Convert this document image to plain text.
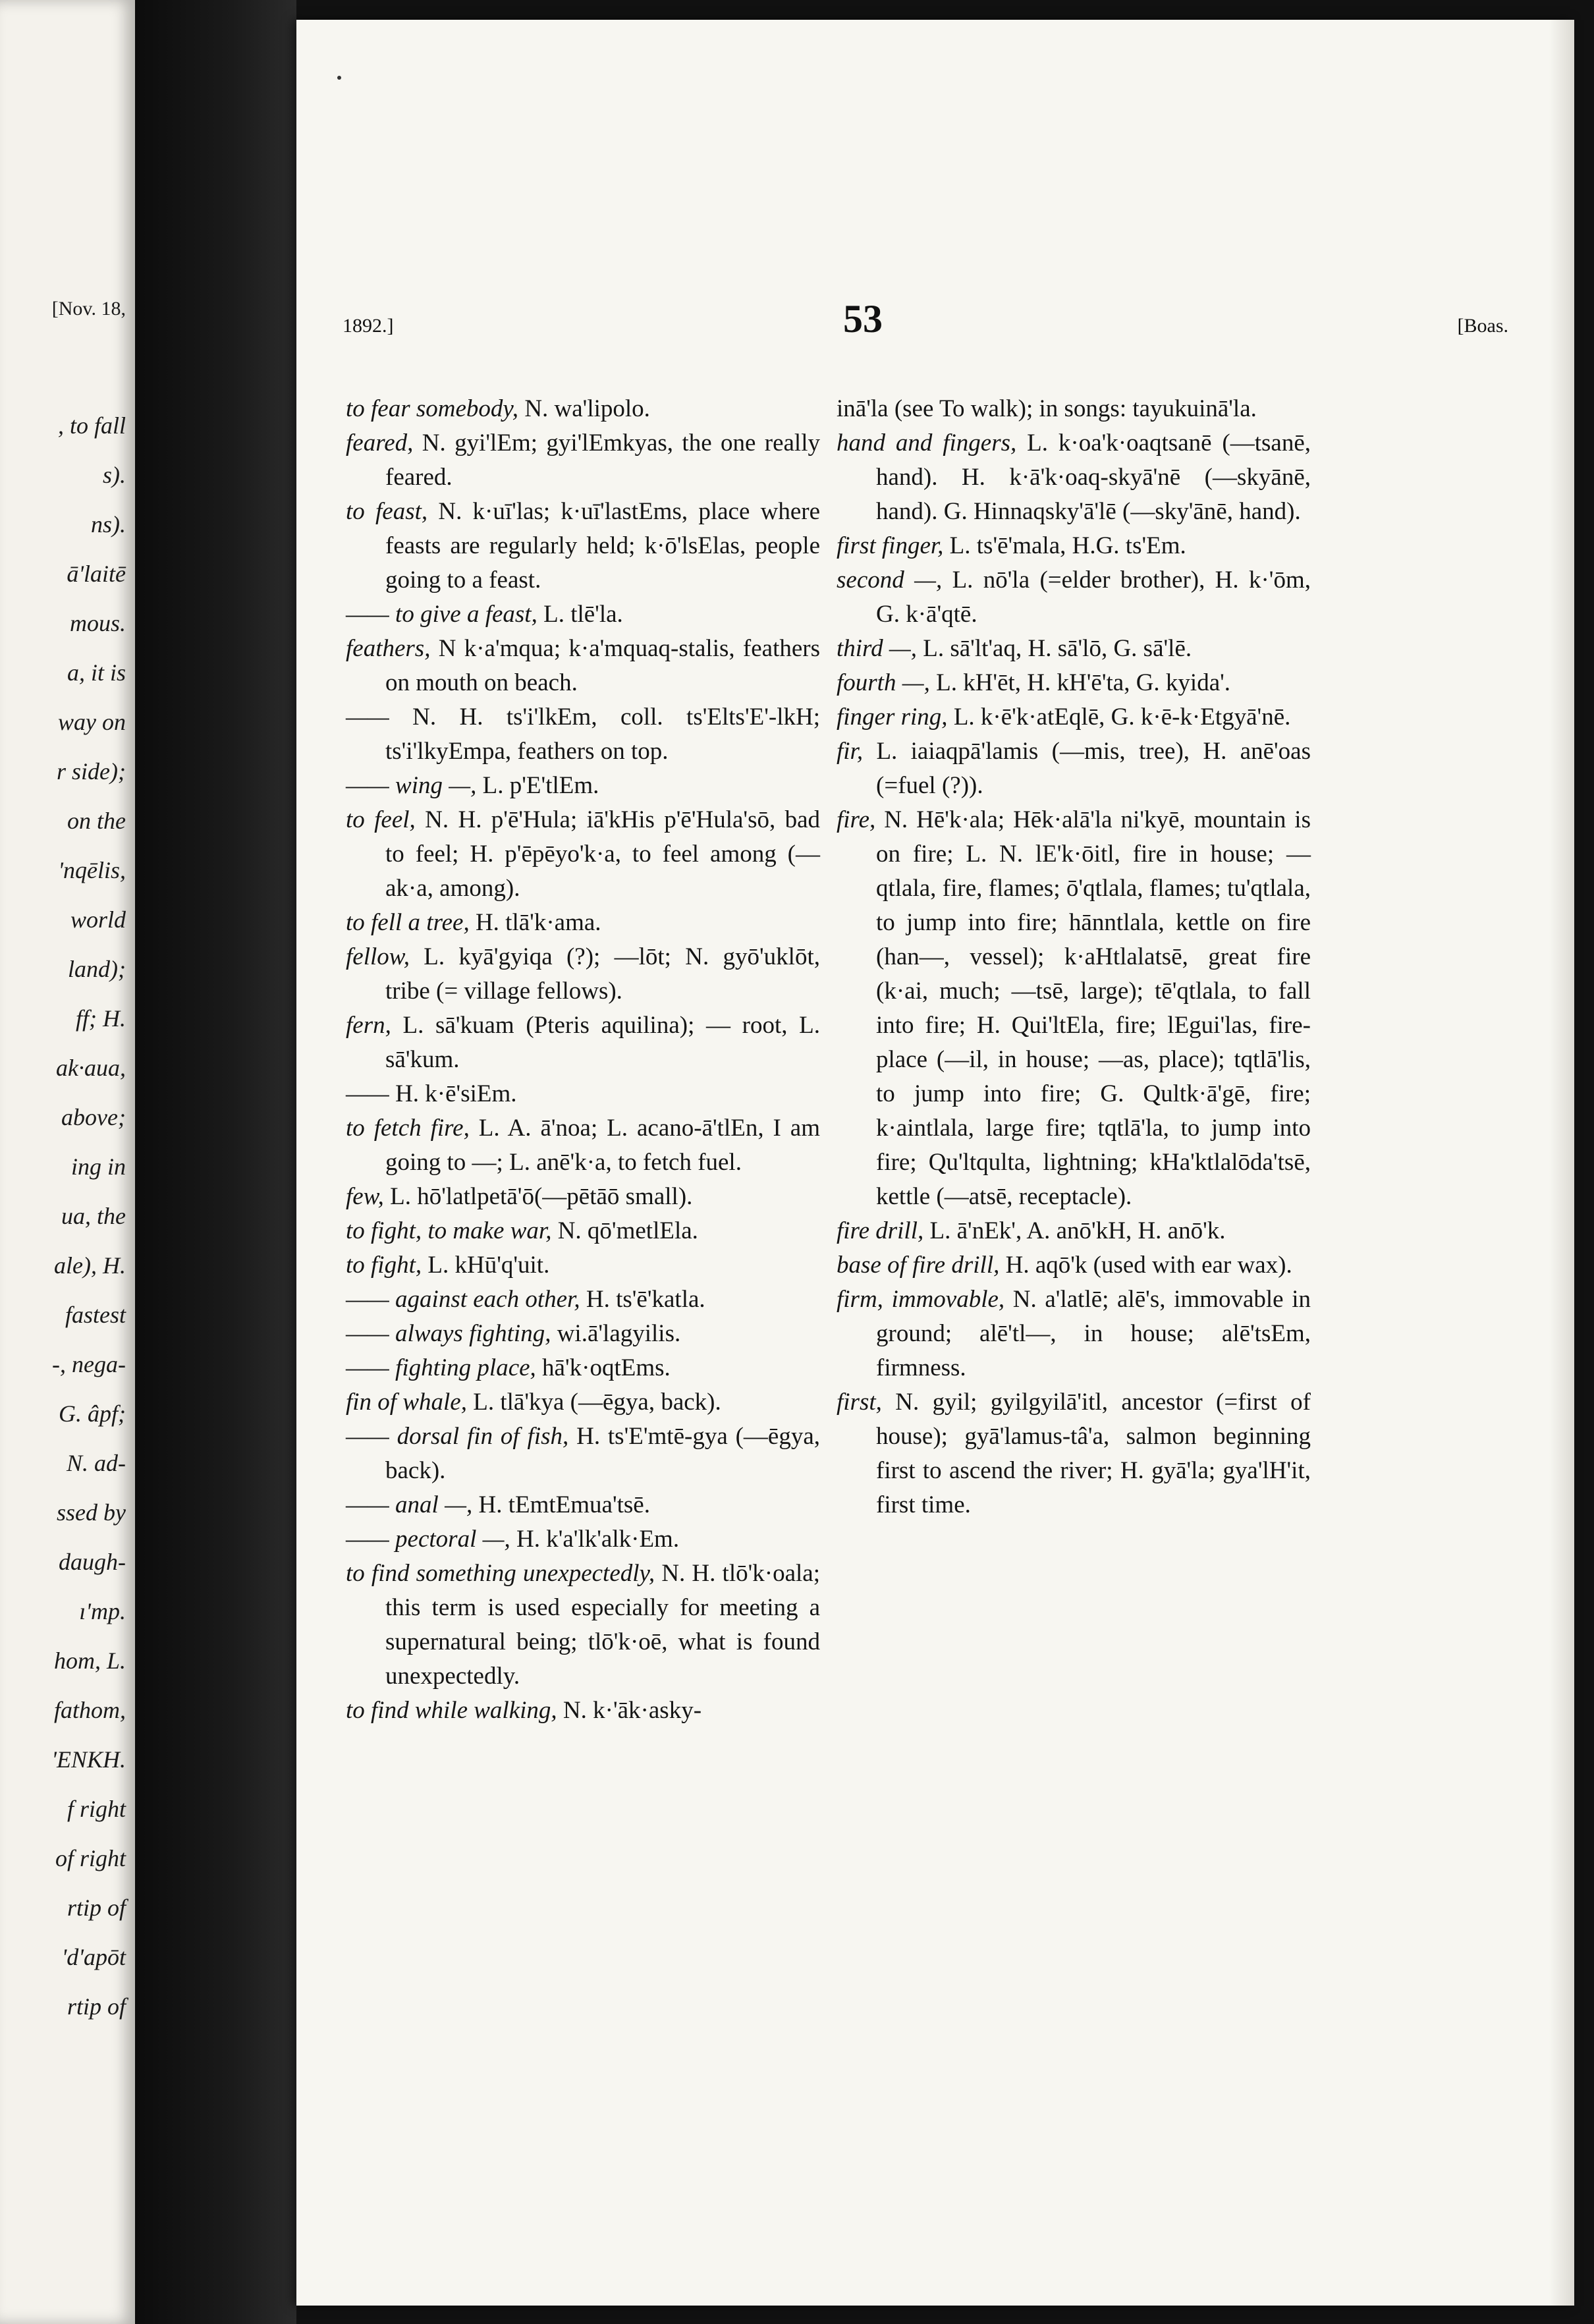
[Nov. 18,
, to fall
s).
ns).
ā'laitē
mous.
a, it is
way on
r side);
on the
'nqēlis,
world
land);
ff; H.
ak·aua,
above;
ing in
ua, the
ale), H.
fastest
-, nega-
G. âpf;
N. ad-
ssed by
daugh-
ı'mp.
hom, L.
fathom,
'ENKH.
f right
of right
rtip of
'd'apōt
rtip of
1892.]	53	[Boas.

to fear somebody, N. wa'lipolo.

feared, N. gyi'lEm; gyi'lEmkyas, the one really feared.

to feast, N. k·uī'las; k·uī'lastEms, place where feasts are regularly held; k·ō'lsElas, people going to a feast.

—— to give a feast, L. tlē'la.

feathers, N k·a'mqua; k·a'mquaq-stalis, feathers on mouth on beach.

—— N. H. ts'i'lkEm, coll. ts'Elts'E'-lkH; ts'i'lkyEmpa, feathers on top.

—— wing —, L. p'E'tlEm.

to feel, N. H. p'ē'Hula; iā'kHis p'ē'Hula'sō, bad to feel; H. p'ēpēyo'k·a, to feel among (—ak·a, among).

to fell a tree, H. tlā'k·ama.

fellow, L. kyā'gyiqa (?); —lōt; N. gyō'uklōt, tribe (= village fellows).

fern, L. sā'kuam (Pteris aquilina); — root, L. sā'kum.

—— H. k·ē'siEm.

to fetch fire, L. A. ā'noa; L. acano-ā'tlEn, I am going to —; L. anē'k·a, to fetch fuel.

few, L. hō'latlpetā'ō(—pētāō small).

to fight, to make war, N. qō'metlEla.

to fight, L. kHū'q'uit.

—— against each other, H. ts'ē'katla.

—— always fighting, wi.ā'lagyilis.

—— fighting place, hā'k·oqtEms.

fin of whale, L. tlā'kya (—ēgya, back).

—— dorsal fin of fish, H. ts'E'mtē-gya (—ēgya, back).

—— anal —, H. tEmtEmua'tsē.

—— pectoral —, H. k'a'lk'alk·Em.

to find something unexpectedly, N. H. tlō'k·oala; this term is used especially for meeting a supernatural being; tlō'k·oē, what is found unexpectedly.

to find while walking, N. k·'āk·asky-

inā'la (see To walk); in songs: tayukuinā'la.

hand and fingers, L. k·oa'k·oaqtsanē (—tsanē, hand). H. k·ā'k·oaq-skyā'nē (—skyānē, hand). G. Hinnaqsky'ā'lē (—sky'ānē, hand).

first finger, L. ts'ē'mala, H.G. ts'Em.

second —, L. nō'la (=elder brother), H. k·'ōm, G. k·ā'qtē.

third —, L. sā'lt'aq, H. sā'lō, G. sā'lē.

fourth —, L. kH'ēt, H. kH'ē'ta, G. kyida'.

finger ring, L. k·ē'k·atEqlē, G. k·ē-k·Etgyā'nē.

fir, L. iaiaqpā'lamis (—mis, tree), H. anē'oas (=fuel (?)).

fire, N. Hē'k·ala; Hēk·alā'la ni'kyē, mountain is on fire; L. N. lE'k·ōitl, fire in house; —qtlala, fire, flames; ō'qtlala, flames; tu'qtlala, to jump into fire; hānntlala, kettle on fire (han—, vessel); k·aHtlalatsē, great fire (k·ai, much; —tsē, large); tē'qtlala, to fall into fire; H. Qui'ltEla, fire; lEgui'las, fire-place (—il, in house; —as, place); tqtlā'lis, to jump into fire; G. Qultk·ā'gē, fire; k·aintlala, large fire; tqtlā'la, to jump into fire; Qu'ltqulta, lightning; kHa'ktlalōda'tsē, kettle (—atsē, receptacle).

fire drill, L. ā'nEk', A. anō'kH, H. anō'k.

base of fire drill, H. aqō'k (used with ear wax).

firm, immovable, N. a'latlē; alē's, immovable in ground; alē'tl—, in house; alē'tsEm, firmness.

first, N. gyil; gyilgyilā'itl, ancestor (=first of house); gyā'lamus-tâ'a, salmon beginning first to ascend the river; H. gyā'la; gya'lH'it, first time.
